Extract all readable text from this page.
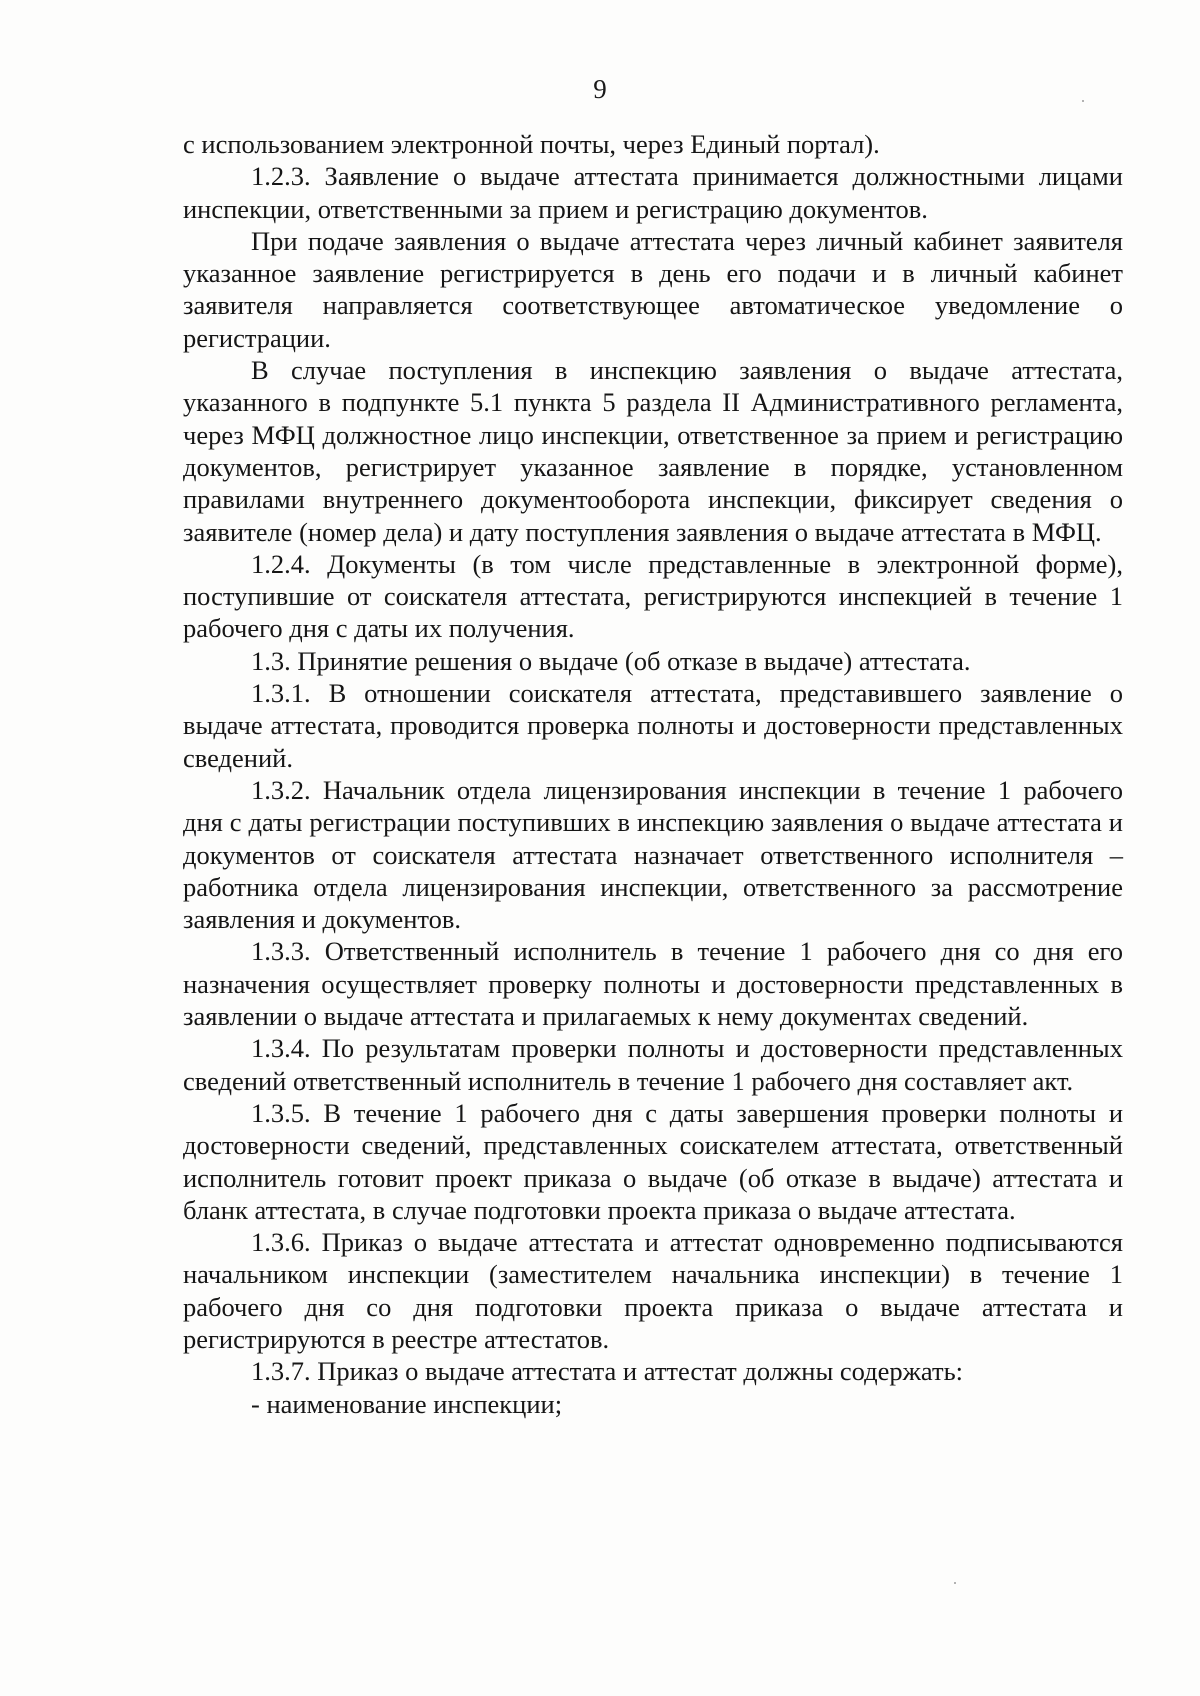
9

с использованием электронной почты, через Единый портал).

1.2.3. Заявление о выдаче аттестата принимается должностными лицами инспекции, ответственными за прием и регистрацию документов.

При подаче заявления о выдаче аттестата через личный кабинет заявителя указанное заявление регистрируется в день его подачи и в личный кабинет заявителя направляется соответствующее автоматическое уведомление о регистрации.

В случае поступления в инспекцию заявления о выдаче аттестата, указанного в подпункте 5.1 пункта 5 раздела II Административного регламента, через МФЦ должностное лицо инспекции, ответственное за прием и регистрацию документов, регистрирует указанное заявление в порядке, установленном правилами внутреннего документооборота инспекции, фиксирует сведения о заявителе (номер дела) и дату поступления заявления о выдаче аттестата в МФЦ.

1.2.4. Документы (в том числе представленные в электронной форме), поступившие от соискателя аттестата, регистрируются инспекцией в течение 1 рабочего дня с даты их получения.

1.3. Принятие решения о выдаче (об отказе в выдаче) аттестата.

1.3.1. В отношении соискателя аттестата, представившего заявление о выдаче аттестата, проводится проверка полноты и достоверности представленных сведений.

1.3.2. Начальник отдела лицензирования инспекции в течение 1 рабочего дня с даты регистрации поступивших в инспекцию заявления о выдаче аттестата и документов от соискателя аттестата назначает ответственного исполнителя – работника отдела лицензирования инспекции, ответственного за рассмотрение заявления и документов.

1.3.3. Ответственный исполнитель в течение 1 рабочего дня со дня его назначения осуществляет проверку полноты и достоверности представленных в заявлении о выдаче аттестата и прилагаемых к нему документах сведений.

1.3.4. По результатам проверки полноты и достоверности представленных сведений ответственный исполнитель в течение 1 рабочего дня составляет акт.

1.3.5. В течение 1 рабочего дня с даты завершения проверки полноты и достоверности сведений, представленных соискателем аттестата, ответственный исполнитель готовит проект приказа о выдаче (об отказе в выдаче) аттестата и бланк аттестата, в случае подготовки проекта приказа о выдаче аттестата.

1.3.6. Приказ о выдаче аттестата и аттестат одновременно подписываются начальником инспекции (заместителем начальника инспекции) в течение 1 рабочего дня со дня подготовки проекта приказа о выдаче аттестата и регистрируются в реестре аттестатов.

1.3.7. Приказ о выдаче аттестата и аттестат должны содержать:

- наименование инспекции;
